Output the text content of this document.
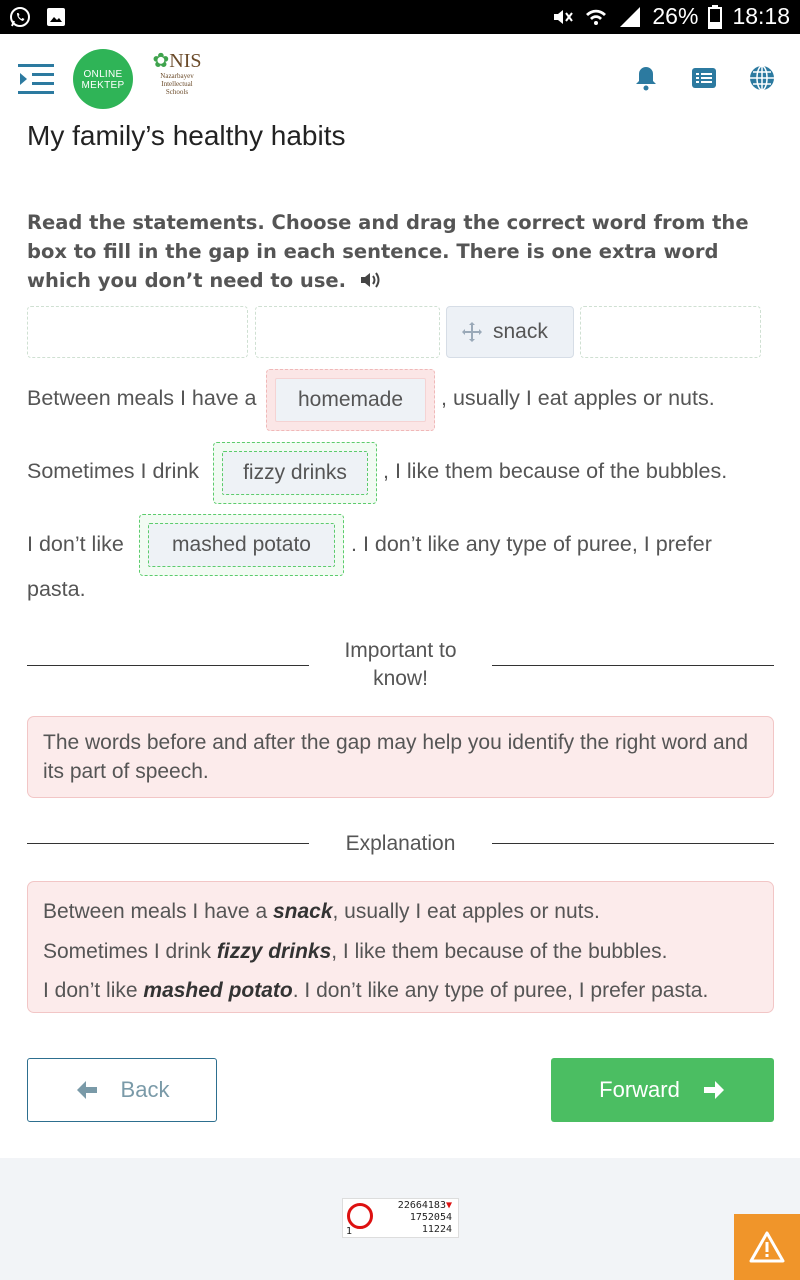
26% 18:18
ONLINE
MEKTEP
✿NIS
Nazarbayev
Intellectual
Schools
My family’s healthy habits
Read the statements. Choose and drag the correct word from the box to fill in the gap in each sentence. There is one extra word which you don’t need to use.
snack
Between meals I have a	homemade	, usually I eat apples or nuts.
Sometimes I drink	fizzy drinks	, I like them because of the bubbles.
I don’t like	mashed potato	. I don’t like any type of puree, I prefer
pasta.
Important to
know!
The words before and after the gap may help you identify the right word and its part of speech.
Explanation
Between meals I have a snack, usually I eat apples or nuts.
Sometimes I drink fizzy drinks, I like them because of the bubbles.
I don’t like mashed potato. I don’t like any type of puree, I prefer pasta.
Back	Forward
1
22664183▼
1752054
11224
